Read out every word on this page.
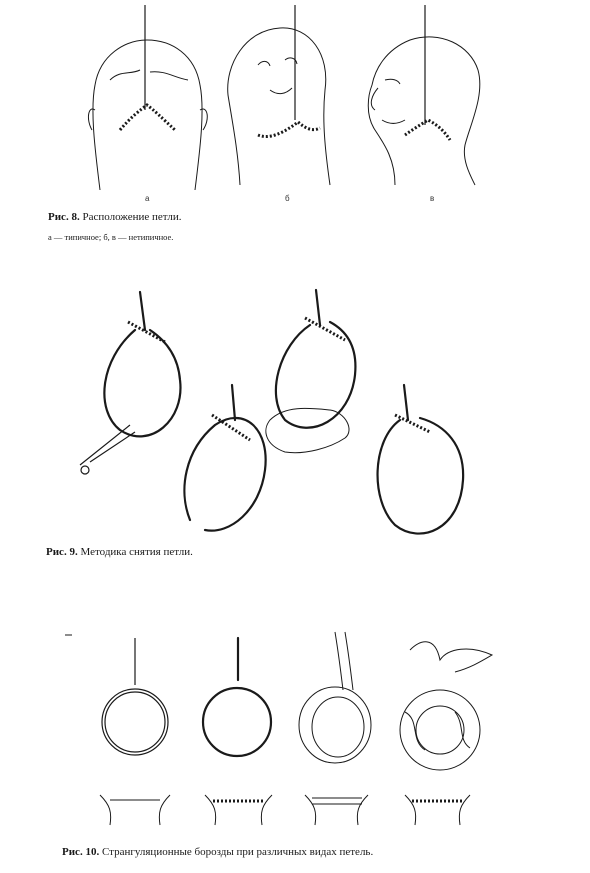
а	б	в
Рис. 8. Расположение петли.
а — типичное; б, в — нетипичное.
Рис. 9. Методика снятия петли.
Рис. 10. Странгуляционные борозды при различных видах петель.
